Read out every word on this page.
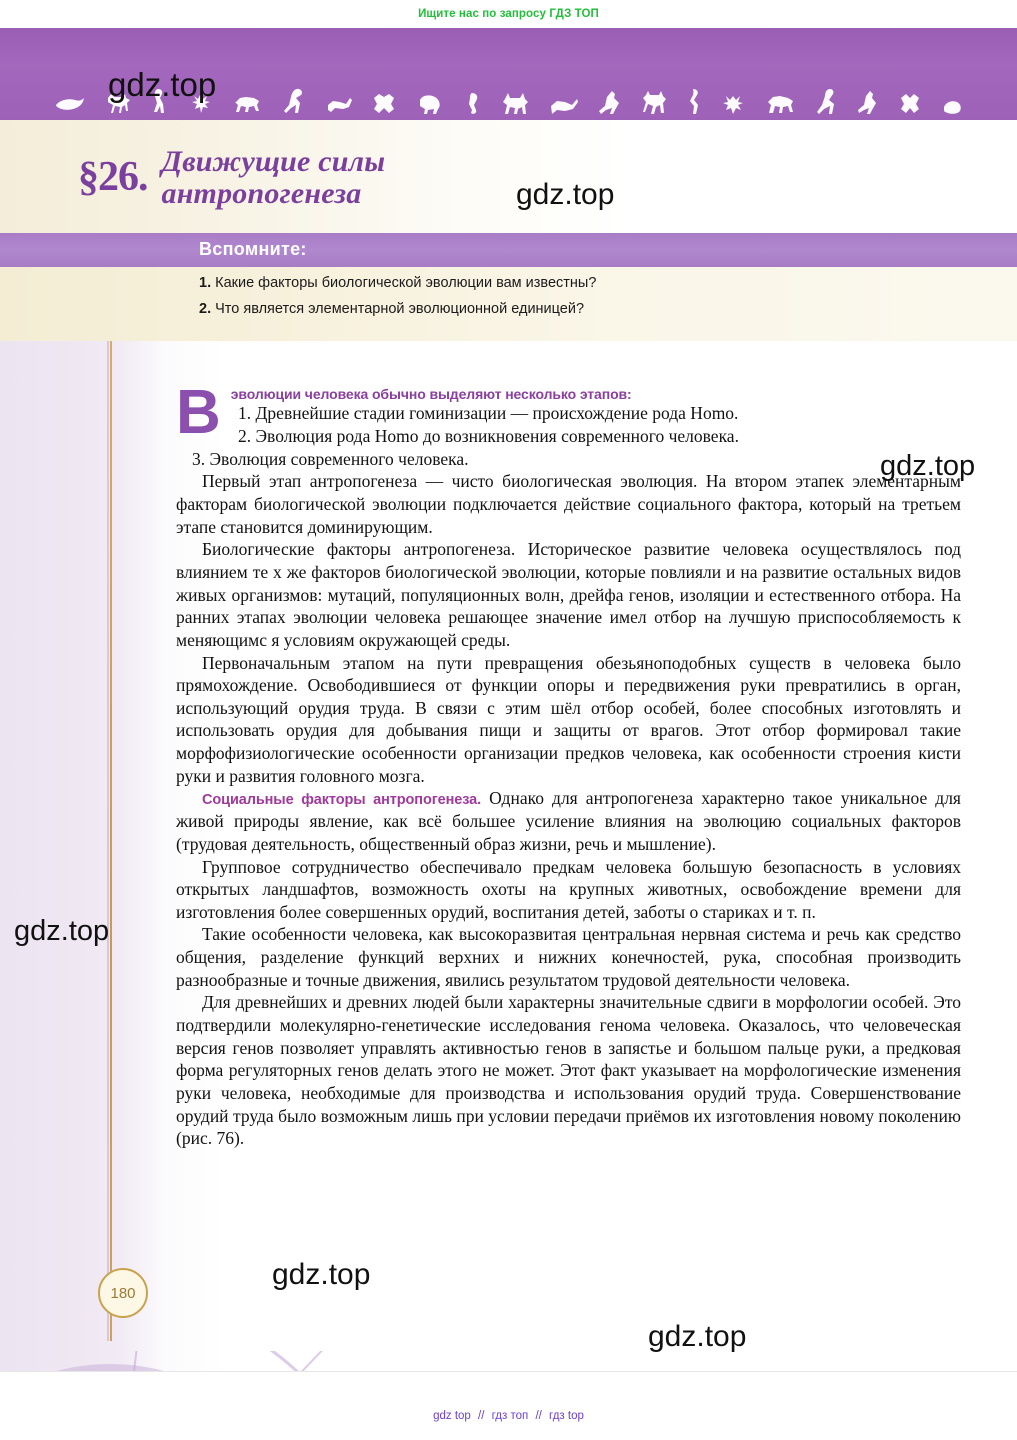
Ищите нас по запросу ГДЗ ТОП
gdz.top
§26. Движущие силы
антропогенеза	gdz.top
Вспомните:
1. Какие факторы биологической эволюции вам известны?
2. Что является элементарной эволюционной единицей?
В эволюции человека обычно выделяют несколько этапов:

1. Древнейшие стадии гоминизации — происхождение рода Homo.

2. Эволюция рода Homo до возникновения современного человека.

3. Эволюция современного человека.

Первый этап антропогенеза — чисто биологическая эволюция. На втором этапек элементарным факторам биологической эволюции подключается действие социального фактора, который на третьем этапе становится доминирующим.

Биологические факторы антропогенеза. Историческое развитие человека осуществлялось под влиянием те х же факторов биологической эволюции, которые повлияли и на развитие остальных видов живых организмов: мутаций, популяционных волн, дрейфа генов, изоляции и естественного отбора. На ранних этапах эволюции человека решающее значение имел отбор на лучшую приспособляемость к меняющимс я условиям окружающей среды.

Первоначальным этапом на пути превращения обезьяноподобных существ в человека было прямохождение. Освободившиеся от функции опоры и передвижения руки превратились в орган, использующий орудия труда. В связи с этим шёл отбор особей, более способных изготовлять и использовать орудия для добывания пищи и защиты от врагов. Этот отбор формировал такие морфофизиологические особенности организации предков человека, как особенности строения кисти руки и развития головного мозга.

Социальные факторы антропогенеза. Однако для антропогенеза характерно такое уникальное для живой природы явление, как всё большее усиление влияния на эволюцию социальных факторов (трудовая деятельность, общественный образ жизни, речь и мышление).

Групповое сотрудничество обеспечивало предкам человека большую безопасность в условиях открытых ландшафтов, возможность охоты на крупных животных, освобождение времени для изготовления более совершенных орудий, воспитания детей, заботы о стариках и т. п.

Такие особенности человека, как высокоразвитая центральная нервная система и речь как средство общения, разделение функций верхних и нижних конечностей, рука, способная производить разнообразные и точные движения, явились результатом трудовой деятельности человека.

Для древнейших и древних людей были характерны значительные сдвиги в морфологии особей. Это подтвердили молекулярно-генетические исследования генома человека. Оказалось, что человеческая версия генов позволяет управлять активностью генов в запястье и большом пальце руки, а предковая форма регуляторных генов делать этого не может. Этот факт указывает на морфологические изменения руки человека, необходимые для производства и использования орудий труда. Совершенствование орудий труда было возможным лишь при условии передачи приёмов их изготовления новому поколению (рис. 76).

180
gdz.top
gdz.top
gdz.top
gdz.top
gdz top // гдз топ // гдз top
